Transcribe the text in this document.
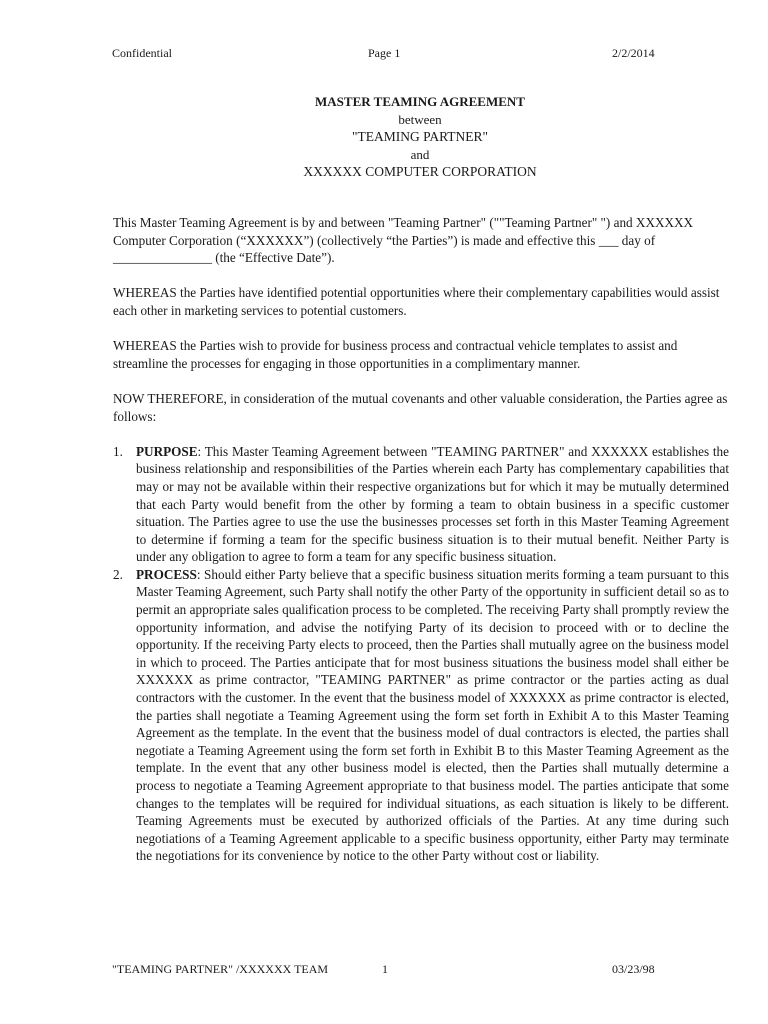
Confidential	Page 1	2/2/2014
MASTER TEAMING AGREEMENT
between
"TEAMING PARTNER"
and
XXXXXX COMPUTER CORPORATION

This Master Teaming Agreement is by and between "Teaming Partner" (""Teaming Partner" ") and XXXXXX Computer Corporation (“XXXXXX”) (collectively “the Parties”) is made and effective this ___ day of _______________ (the “Effective Date”).

WHEREAS the Parties have identified potential opportunities where their complementary capabilities would assist each other in marketing services to potential customers.

WHEREAS the Parties wish to provide for business process and contractual vehicle templates to assist and streamline the processes for engaging in those opportunities in a complimentary manner.

NOW THEREFORE, in consideration of the mutual covenants and other valuable consideration, the Parties agree as follows:

1. PURPOSE: This Master Teaming Agreement between "TEAMING PARTNER" and XXXXXX establishes the business relationship and responsibilities of the Parties wherein each Party has complementary capabilities that may or may not be available within their respective organizations but for which it may be mutually determined that each Party would benefit from the other by forming a team to obtain business in a specific customer situation. The Parties agree to use the use the businesses processes set forth in this Master Teaming Agreement to determine if forming a team for the specific business situation is to their mutual benefit. Neither Party is under any obligation to agree to form a team for any specific business situation.
2. PROCESS: Should either Party believe that a specific business situation merits forming a team pursuant to this Master Teaming Agreement, such Party shall notify the other Party of the opportunity in sufficient detail so as to permit an appropriate sales qualification process to be completed. The receiving Party shall promptly review the opportunity information, and advise the notifying Party of its decision to proceed with or to decline the opportunity. If the receiving Party elects to proceed, then the Parties shall mutually agree on the business model in which to proceed. The Parties anticipate that for most business situations the business model shall either be XXXXXX as prime contractor, "TEAMING PARTNER" as prime contractor or the parties acting as dual contractors with the customer. In the event that the business model of XXXXXX as prime contractor is elected, the parties shall negotiate a Teaming Agreement using the form set forth in Exhibit A to this Master Teaming Agreement as the template. In the event that the business model of dual contractors is elected, the parties shall negotiate a Teaming Agreement using the form set forth in Exhibit B to this Master Teaming Agreement as the template. In the event that any other business model is elected, then the Parties shall mutually determine a process to negotiate a Teaming Agreement appropriate to that business model. The parties anticipate that some changes to the templates will be required for individual situations, as each situation is likely to be different. Teaming Agreements must be executed by authorized officials of the Parties. At any time during such negotiations of a Teaming Agreement applicable to a specific business opportunity, either Party may terminate the negotiations for its convenience by notice to the other Party without cost or liability.
"TEAMING PARTNER" /XXXXXX TEAM	1	03/23/98
